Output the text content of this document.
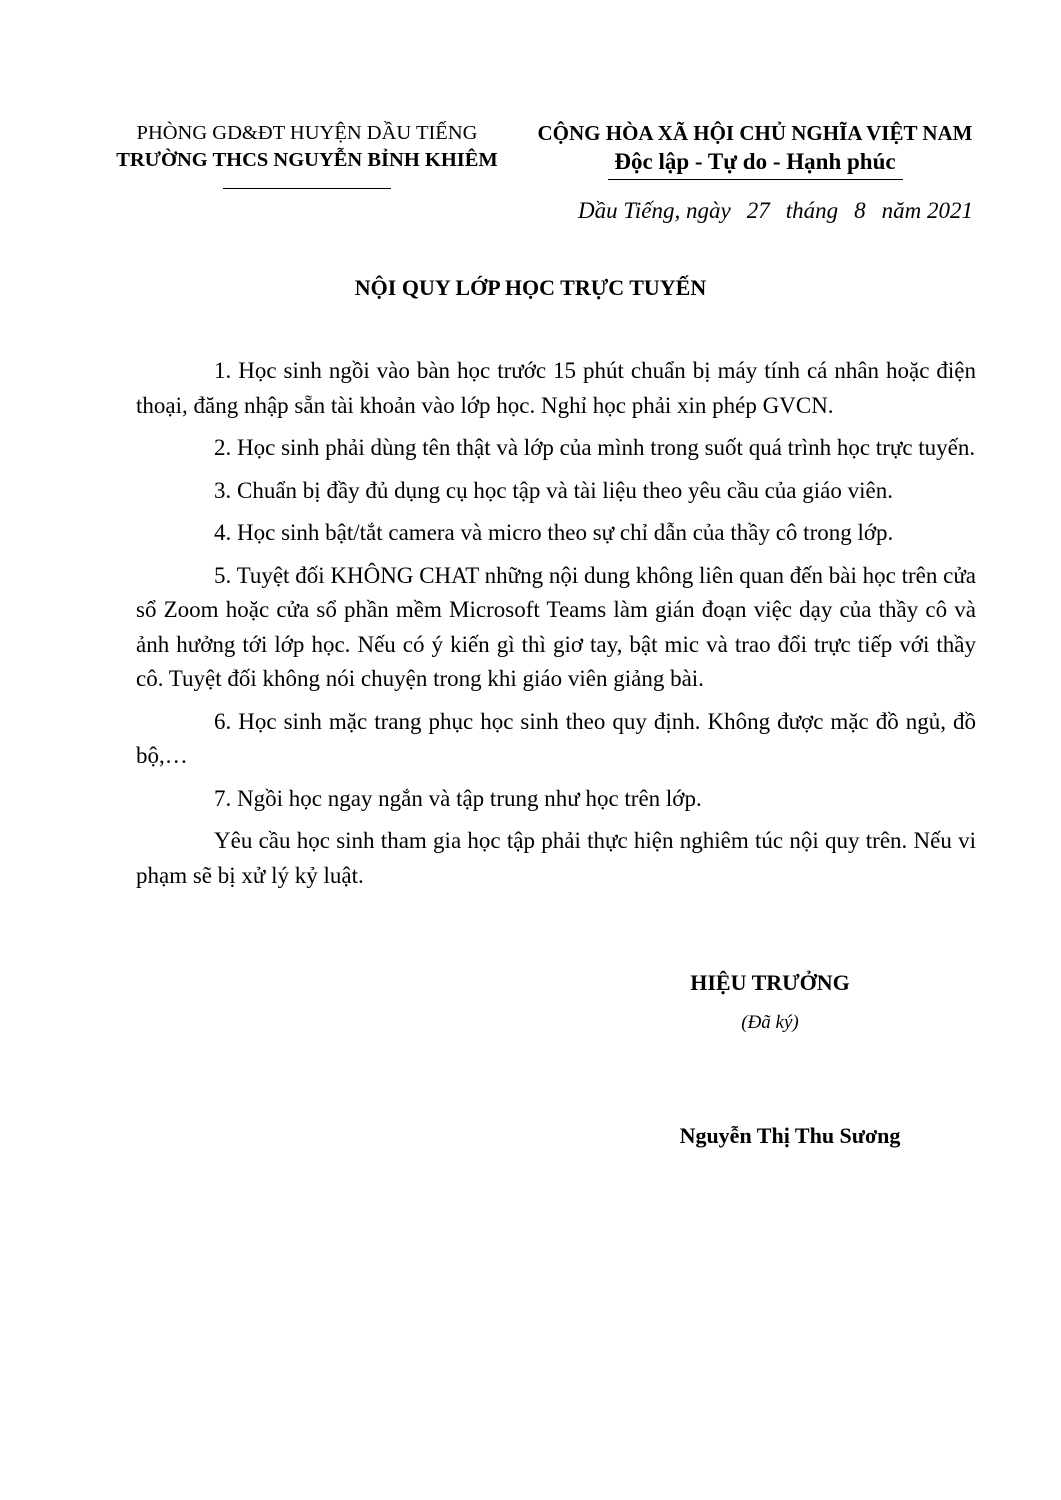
PHÒNG GD&ĐT HUYỆN DẦU TIẾNG
TRƯỜNG THCS NGUYỄN BỈNH KHIÊM
CỘNG HÒA XÃ HỘI CHỦ NGHĨA VIỆT NAM
Độc lập - Tự do - Hạnh phúc
Dầu Tiếng, ngày 27 tháng 8 năm 2021
NỘI QUY LỚP HỌC TRỰC TUYẾN

1. Học sinh ngồi vào bàn học trước 15 phút chuẩn bị máy tính cá nhân hoặc điện thoại, đăng nhập sẵn tài khoản vào lớp học. Nghỉ học phải xin phép GVCN.

2. Học sinh phải dùng tên thật và lớp của mình trong suốt quá trình học trực tuyến.

3. Chuẩn bị đầy đủ dụng cụ học tập và tài liệu theo yêu cầu của giáo viên.

4. Học sinh bật/tắt camera và micro theo sự chỉ dẫn của thầy cô trong lớp.

5. Tuyệt đối KHÔNG CHAT những nội dung không liên quan đến bài học trên cửa sổ Zoom hoặc cửa sổ phần mềm Microsoft Teams làm gián đoạn việc dạy của thầy cô và ảnh hưởng tới lớp học. Nếu có ý kiến gì thì giơ tay, bật mic và trao đổi trực tiếp với thầy cô. Tuyệt đối không nói chuyện trong khi giáo viên giảng bài.

6. Học sinh mặc trang phục học sinh theo quy định. Không được mặc đồ ngủ, đồ bộ,…

7. Ngồi học ngay ngắn và tập trung như học trên lớp.

Yêu cầu học sinh tham gia học tập phải thực hiện nghiêm túc nội quy trên. Nếu vi phạm sẽ bị xử lý kỷ luật.

HIỆU TRƯỞNG
(Đã ký)
Nguyễn Thị Thu Sương
